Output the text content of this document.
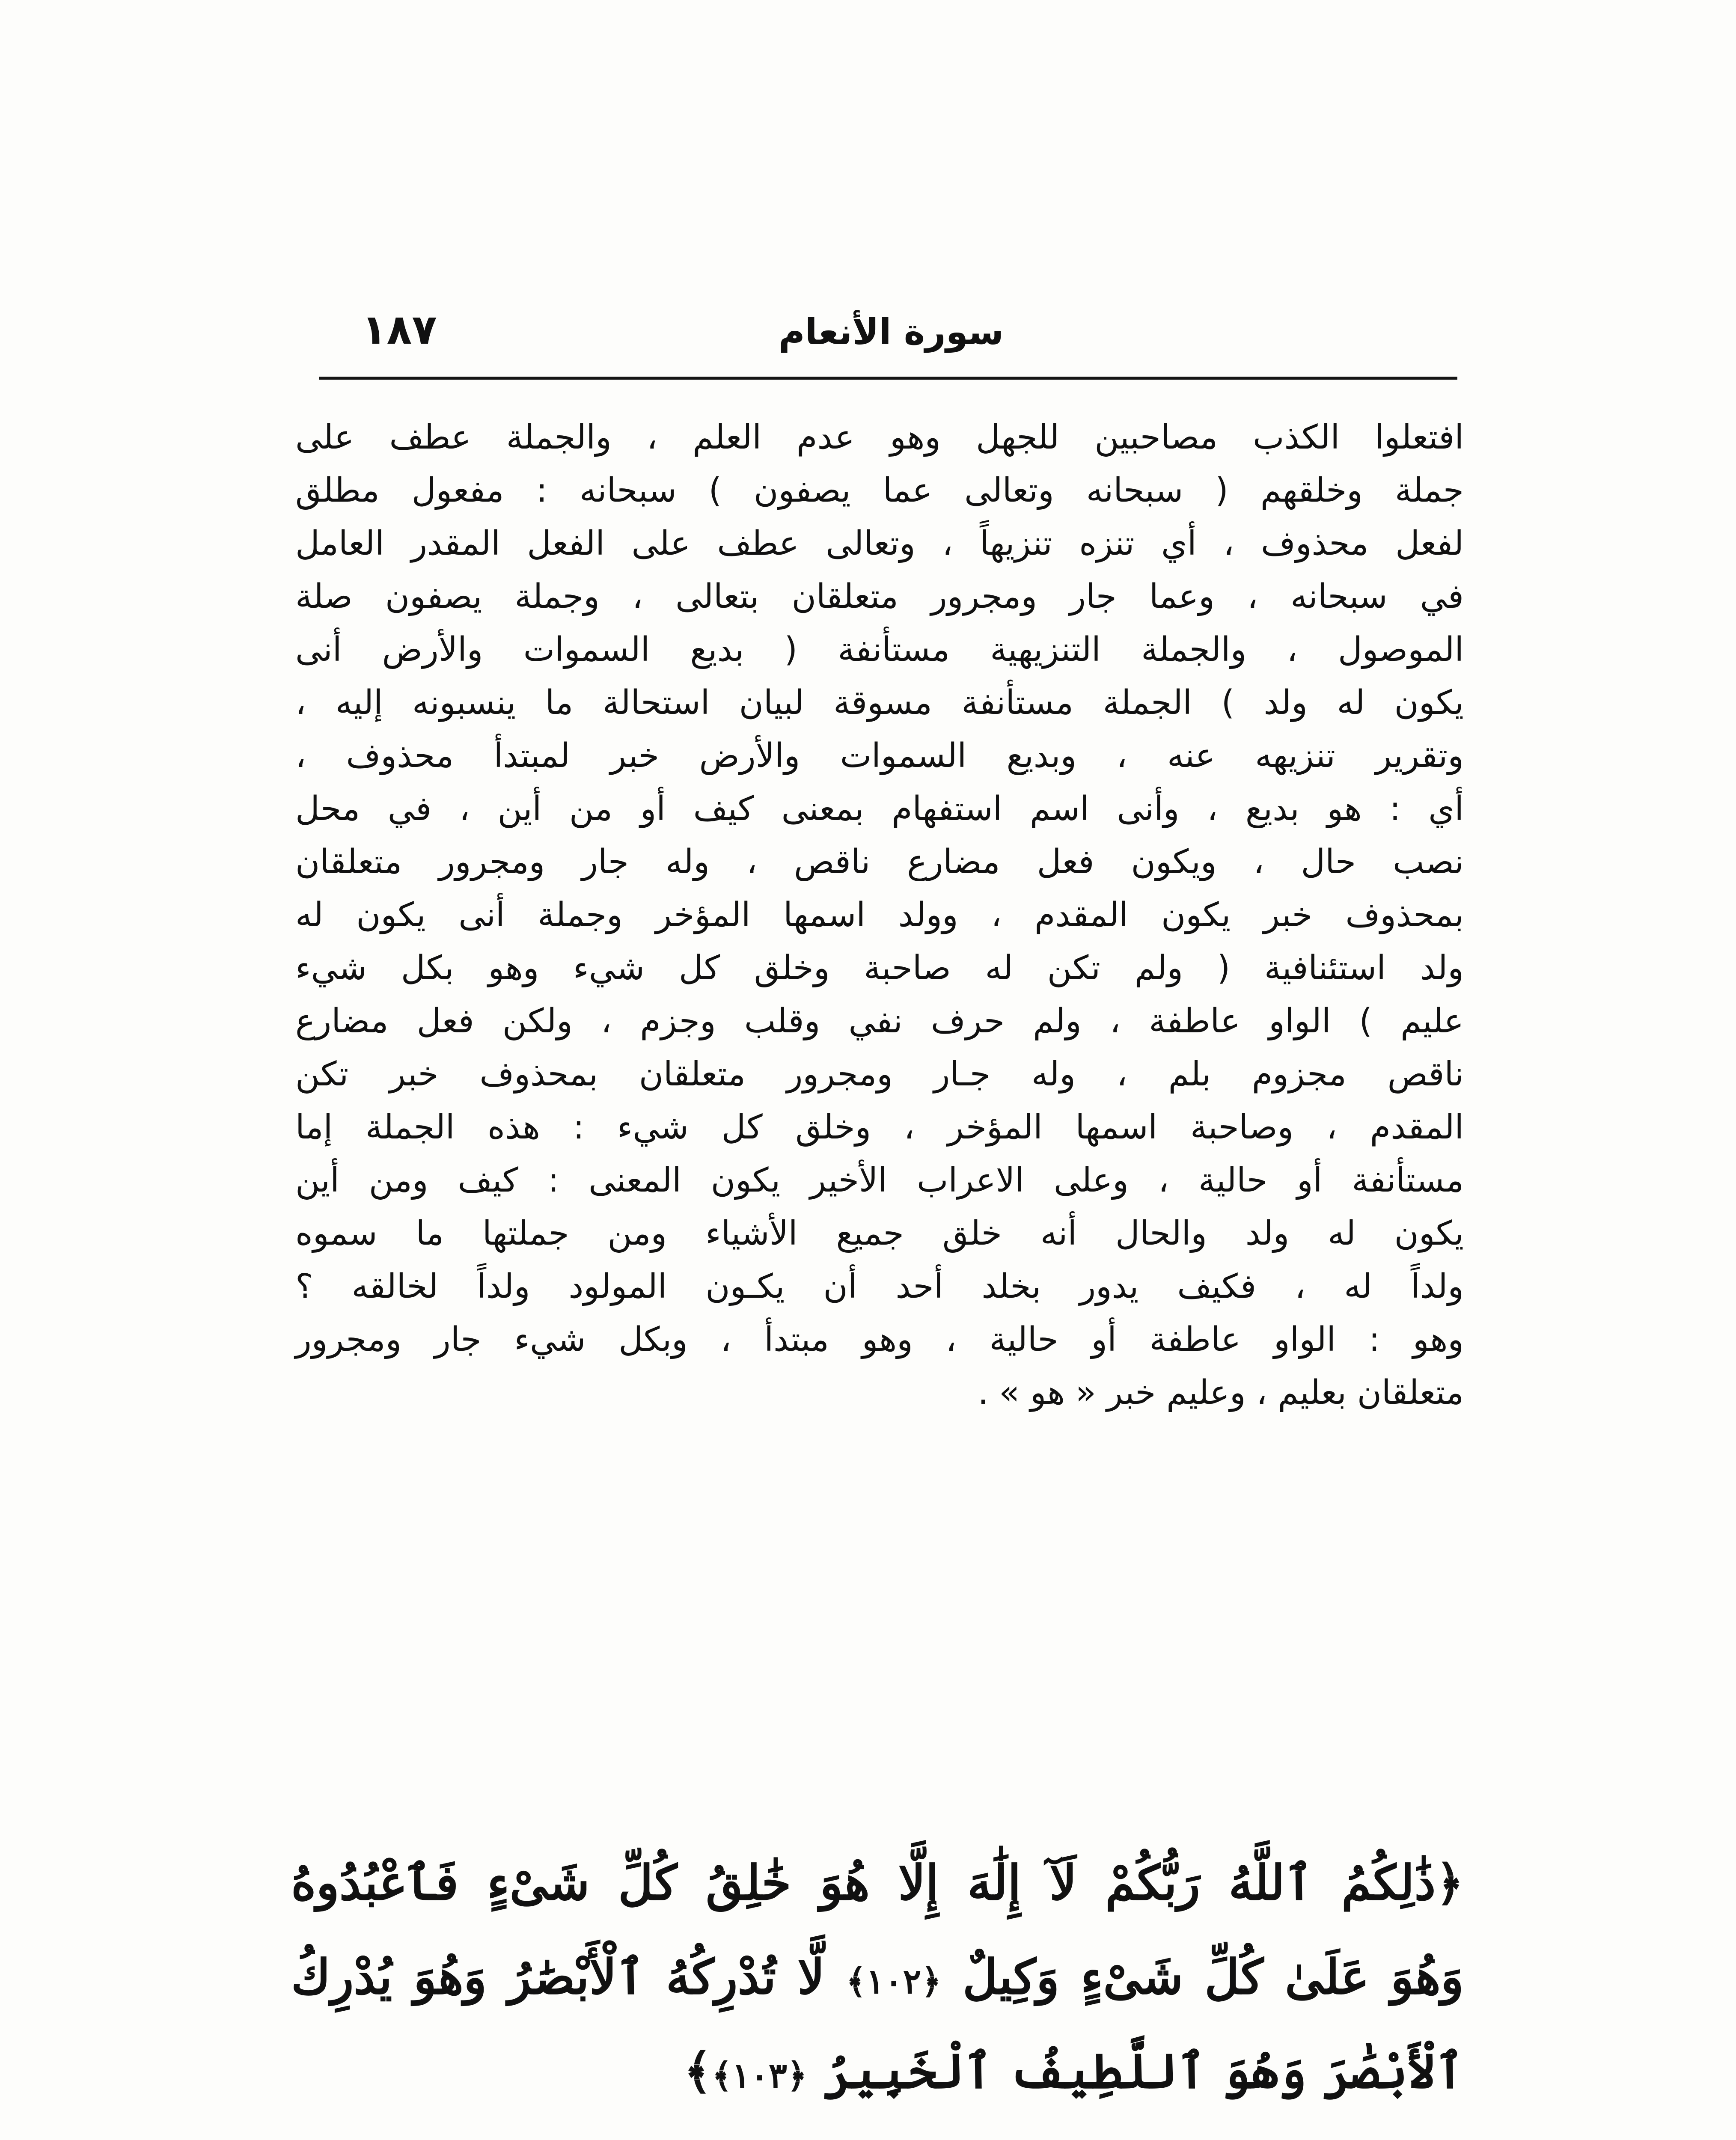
سورة الأنعام
١٨٧
افتعلوا الكذب مصاحبين للجهل وهو عدم العلم ، والجملة عطف على
جملة وخلقهم ( سبحانه وتعالى عما يصفون ) سبحانه : مفعول مطلق
لفعل محذوف ، أي تنزه تنزيهاً ، وتعالى عطف على الفعل المقدر العامل
في سبحانه ، وعما جار ومجرور متعلقان بتعالى ، وجملة يصفون صلة
الموصول ، والجملة التنزيهية مستأنفة ( بديع السموات والأرض أنى
يكون له ولد ) الجملة مستأنفة مسوقة لبيان استحالة ما ينسبونه إليه ،
وتقرير تنزيهه عنه ، وبديع السموات والأرض خبر لمبتدأ محذوف ،
أي : هو بديع ، وأنى اسم استفهام بمعنى كيف أو من أين ، في محل
نصب حال ، ويكون فعل مضارع ناقص ، وله جار ومجرور متعلقان
بمحذوف خبر يكون المقدم ، وولد اسمها المؤخر وجملة أنى يكون له
ولد استئنافية ( ولم تكن له صاحبة وخلق كل شيء وهو بكل شيء
عليم ) الواو عاطفة ، ولم حرف نفي وقلب وجزم ، ولكن فعل مضارع
ناقص مجزوم بلم ، وله جـار ومجرور متعلقان بمحذوف خبر تكن
المقدم ، وصاحبة اسمها المؤخر ، وخلق كل شيء : هذه الجملة إما
مستأنفة أو حالية ، وعلى الاعراب الأخير يكون المعنى : كيف ومن أين
يكون له ولد والحال أنه خلق جميع الأشياء ومن جملتها ما سموه
ولداً له ، فكيف يدور بخلد أحد أن يكـون المولود ولداً لخالقه ؟
وهو : الواو عاطفة أو حالية ، وهو مبتدأ ، وبكل شيء جار ومجرور
متعلقان بعليم ، وعليم خبر « هو » .
﴿ذَٰلِكُمُ ٱللَّهُ رَبُّكُمْ لَآ إِلَٰهَ إِلَّا هُوَ خَٰلِقُ كُلِّ شَىْءٍ فَٱعْبُدُوهُ
وَهُوَ عَلَىٰ كُلِّ شَىْءٍ وَكِيلٌ ﴿١٠٢﴾ لَّا تُدْرِكُهُ ٱلْأَبْصَٰرُ وَهُوَ يُدْرِكُ
ٱلْأَبْصَٰرَ وَهُوَ ٱللَّطِيفُ ٱلْخَبِيرُ ﴿١٠٣﴾﴾
